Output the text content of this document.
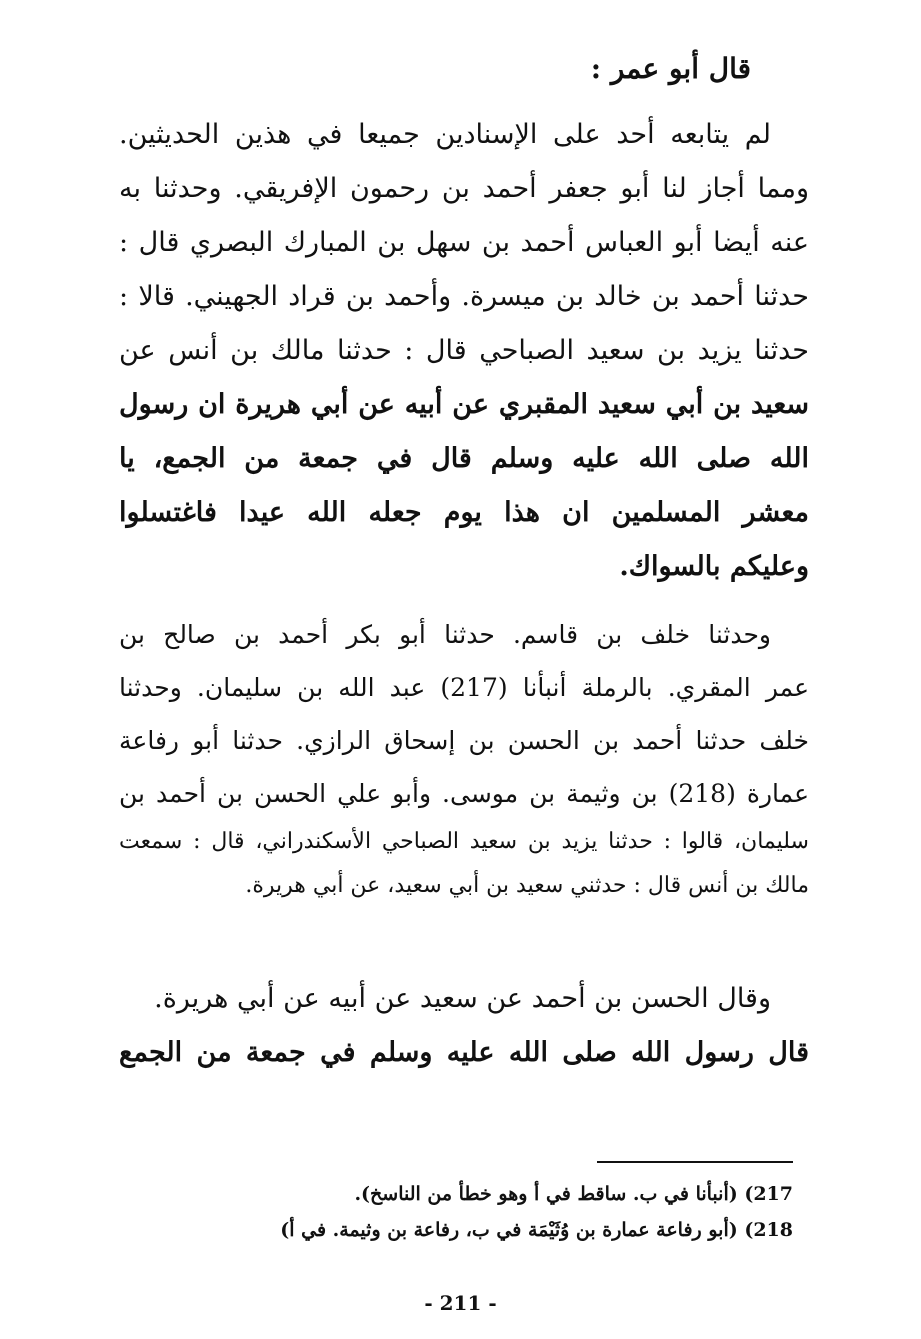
قال أبو عمر :
لم يتابعه أحد على الإسنادين جميعا في هذين الحديثين.
ومما أجاز لنا أبو جعفر أحمد بن رحمون الإفريقي. وحدثنا به
عنه أيضا أبو العباس أحمد بن سهل بن المبارك البصري قال :
حدثنا أحمد بن خالد بن ميسرة. وأحمد بن قراد الجهيني. قالا :
حدثنا يزيد بن سعيد الصباحي قال : حدثنا مالك بن أنس عن
سعيد بن أبي سعيد المقبري عن أبيه عن أبي هريرة ان رسول
الله صلى الله عليه وسلم قال في جمعة من الجمع، يا
معشر المسلمين ان هذا يوم جعله الله عيدا فاغتسلوا
وعليكم بالسواك.
وحدثنا خلف بن قاسم. حدثنا أبو بكر أحمد بن صالح بن
عمر المقري. بالرملة أنبأنا (217) عبد الله بن سليمان. وحدثنا
خلف حدثنا أحمد بن الحسن بن إسحاق الرازي. حدثنا أبو رفاعة
عمارة (218) بن وثيمة بن موسى. وأبو علي الحسن بن أحمد بن
سليمان، قالوا : حدثنا يزيد بن سعيد الصباحي الأسكندراني، قال : سمعت
مالك بن أنس قال : حدثني سعيد بن أبي سعيد، عن أبي هريرة.
وقال الحسن بن أحمد عن سعيد عن أبيه عن أبي هريرة.
قال رسول الله صلى الله عليه وسلم في جمعة من الجمع
217) (أنبأنا في ب. ساقط في أ وهو خطأ من الناسخ).
218) (أبو رفاعة عمارة بن وُثَيْمَة في ب، رفاعة بن وثيمة. في أ)
- 211 -
